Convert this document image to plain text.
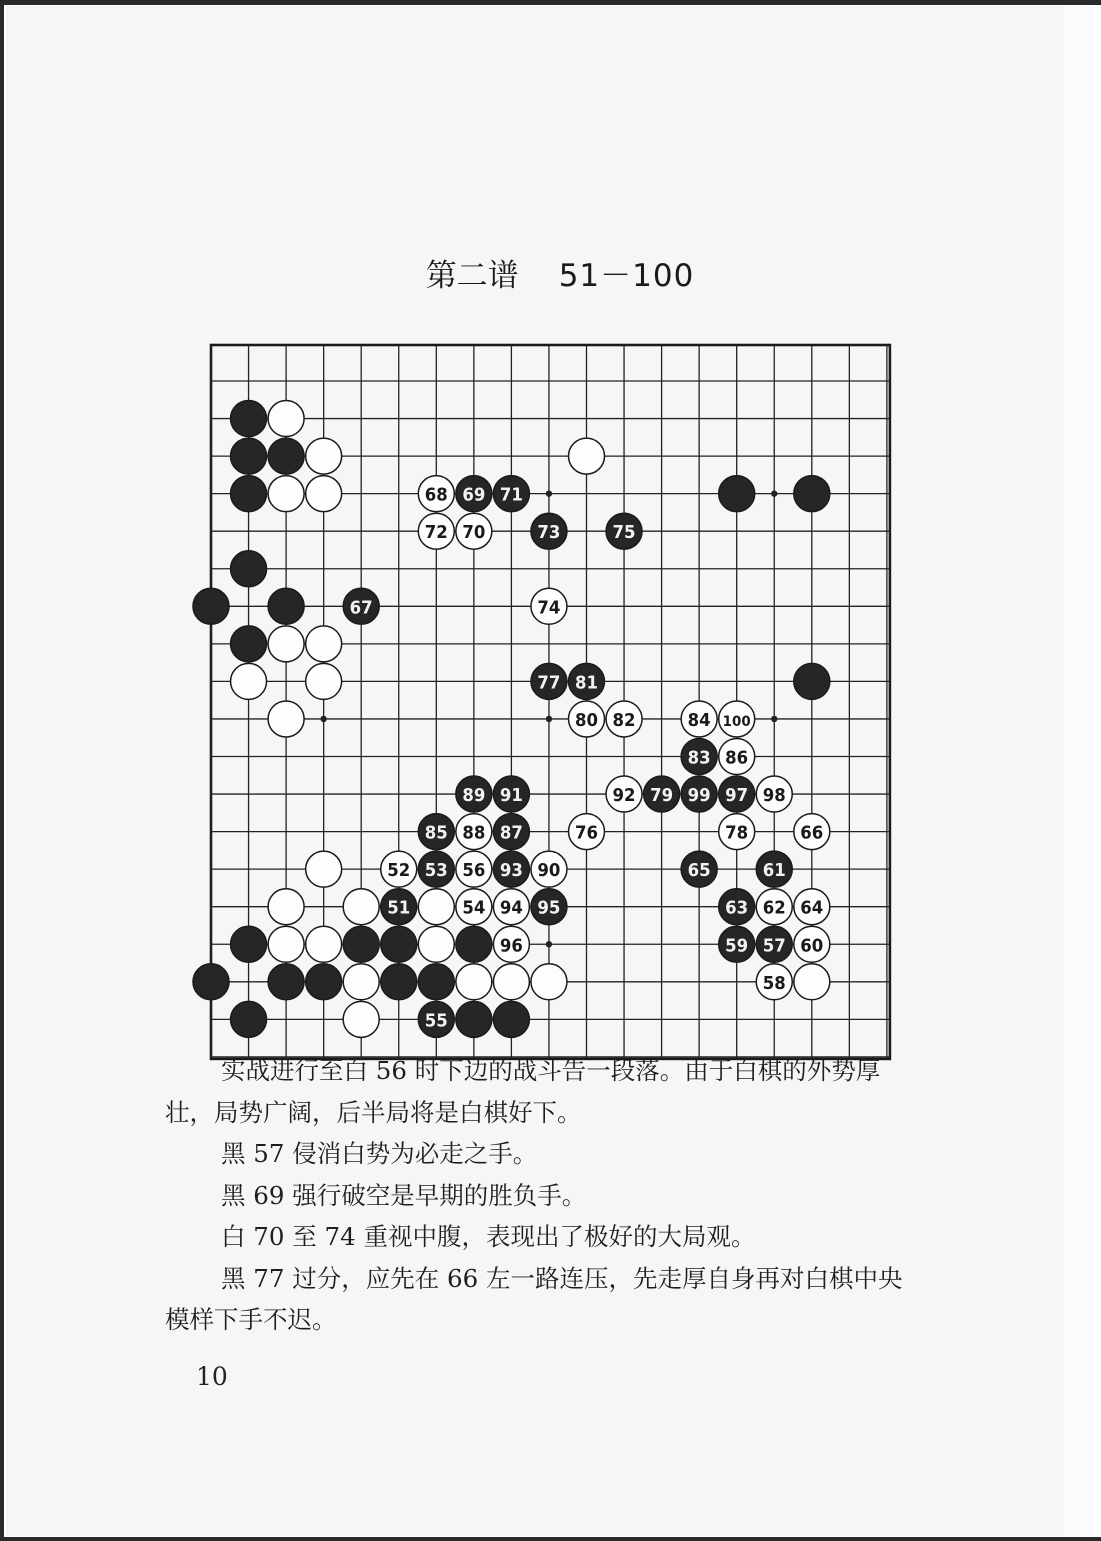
第二谱 51－100
68 69 71
72 70	73	75
67	74
77 81
80 82	84 100
83 86
89 91	92 79 99 97 98
85 88 87	76	78	66
52 53 56 93 90	65	61
51	54 94 95	63 62 64
96	59 57 60
58
55

实战进行至白 56 时下边的战斗告一段落。由于白棋的外势厚壮，局势广阔，后半局将是白棋好下。

黑 57 侵消白势为必走之手。

黑 69 强行破空是早期的胜负手。

白 70 至 74 重视中腹，表现出了极好的大局观。

黑 77 过分，应先在 66 左一路连压，先走厚自身再对白棋中央模样下手不迟。

10
